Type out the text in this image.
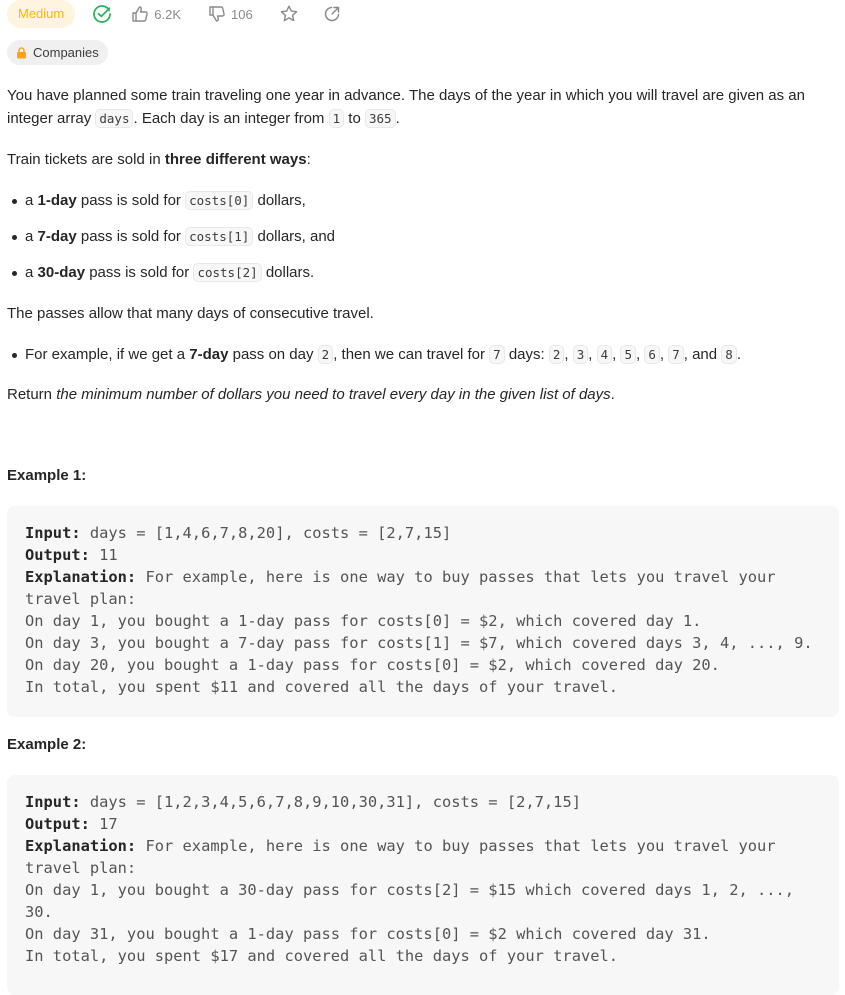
Medium	6.2K	106
Companies
You have planned some train traveling one year in advance. The days of the year in which you will travel are given as an integer array days . Each day is an integer from 1 to 365 .
Train tickets are sold in three different ways:
a 1-day pass is sold for costs[0] dollars,
a 7-day pass is sold for costs[1] dollars, and
a 30-day pass is sold for costs[2] dollars.
The passes allow that many days of consecutive travel.
For example, if we get a 7-day pass on day 2 , then we can travel for 7 days: 2 , 3 , 4 , 5 , 6 , 7 , and 8 .
Return the minimum number of dollars you need to travel every day in the given list of days.
Example 1:
Input: days = [1,4,6,7,8,20], costs = [2,7,15]
Output: 11
Explanation: For example, here is one way to buy passes that lets you travel your
travel plan:
On day 1, you bought a 1-day pass for costs[0] = $2, which covered day 1.
On day 3, you bought a 7-day pass for costs[1] = $7, which covered days 3, 4, ..., 9.
On day 20, you bought a 1-day pass for costs[0] = $2, which covered day 20.
In total, you spent $11 and covered all the days of your travel.
Example 2:
Input: days = [1,2,3,4,5,6,7,8,9,10,30,31], costs = [2,7,15]
Output: 17
Explanation: For example, here is one way to buy passes that lets you travel your
travel plan:
On day 1, you bought a 30-day pass for costs[2] = $15 which covered days 1, 2, ...,
30.
On day 31, you bought a 1-day pass for costs[0] = $2 which covered day 31.
In total, you spent $17 and covered all the days of your travel.
